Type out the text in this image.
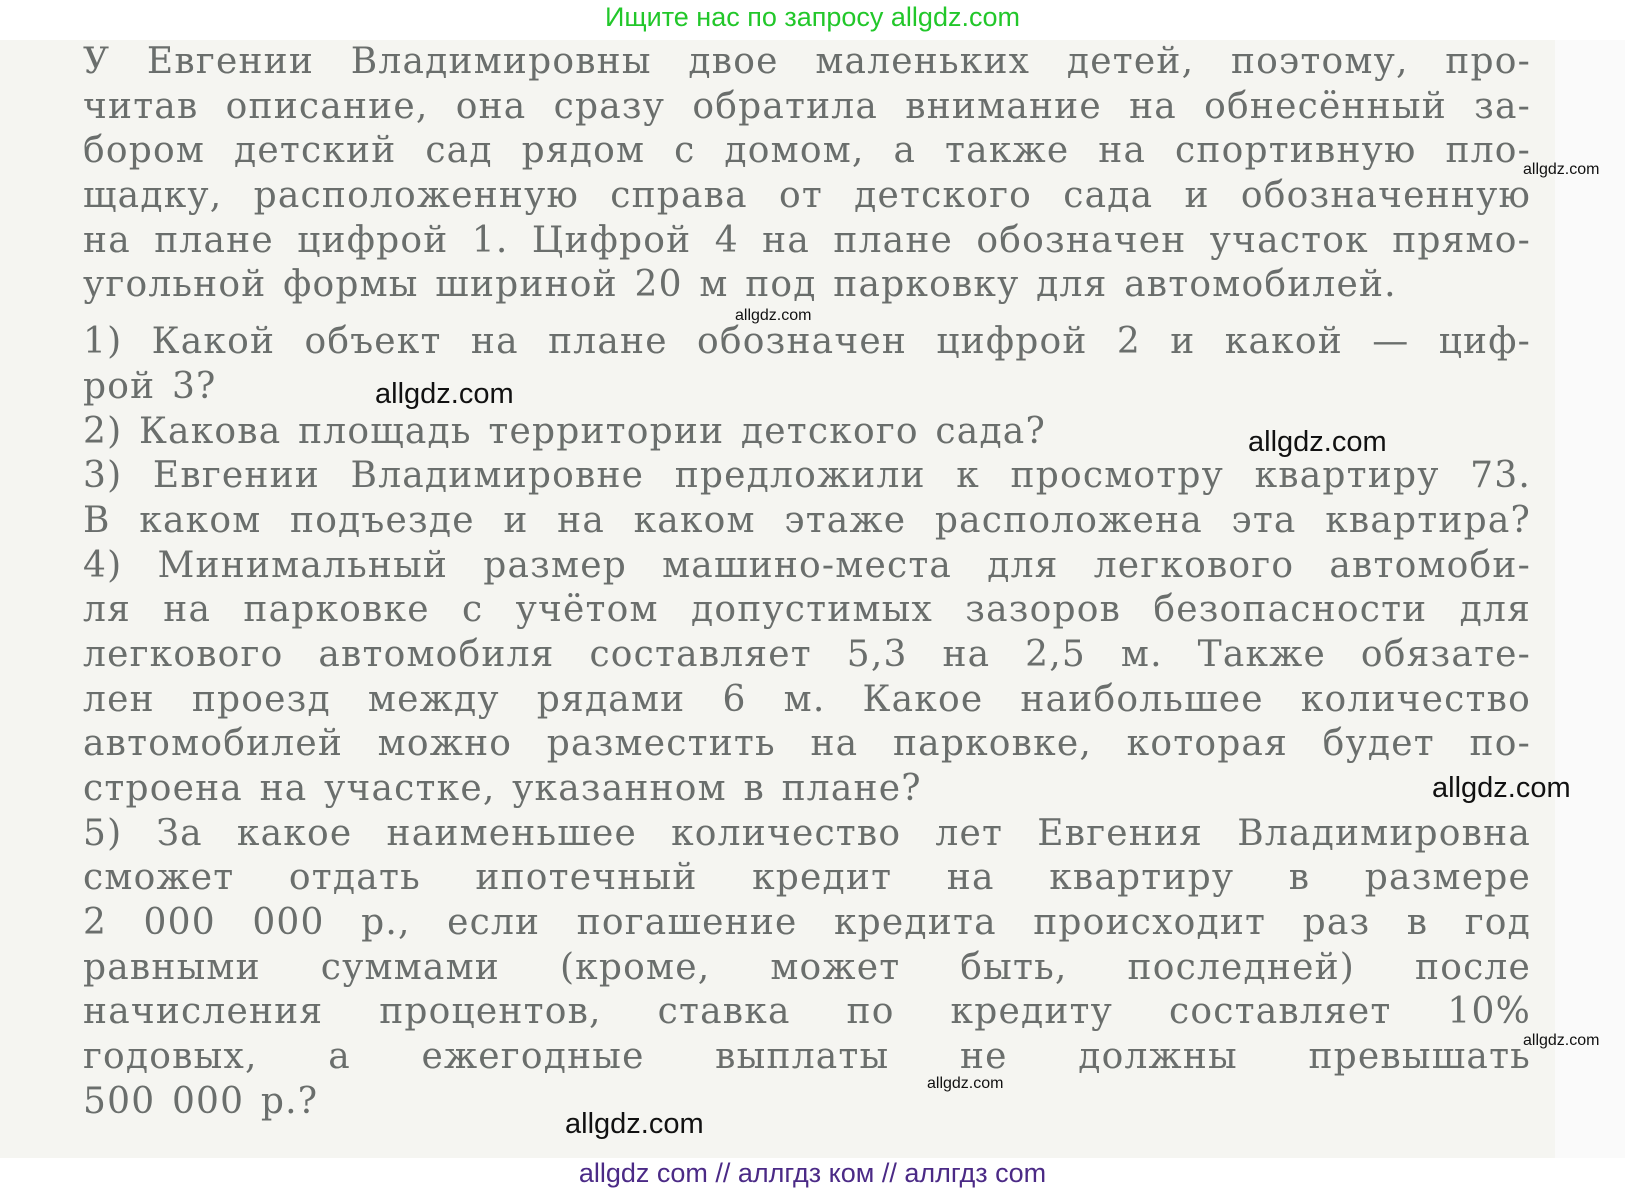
Ищите нас по запросу allgdz.com
У Евгении Владимировны двое маленьких детей, поэтому, про-
читав описание, она сразу обратила внимание на обнесённый за-
бором детский сад рядом с домом, а также на спортивную пло-
щадку, расположенную справа от детского сада и обозначенную
на плане цифрой 1. Цифрой 4 на плане обозначен участок прямо-
угольной формы шириной 20 м под парковку для автомобилей.
1) Какой объект на плане обозначен цифрой 2 и какой — циф-
рой 3?
2) Какова площадь территории детского сада?
3) Евгении Владимировне предложили к просмотру квартиру 73.
В каком подъезде и на каком этаже расположена эта квартира?
4) Минимальный размер машино-места для легкового автомоби-
ля на парковке с учётом допустимых зазоров безопасности для
легкового автомобиля составляет 5,3 на 2,5 м. Также обязате-
лен проезд между рядами 6 м. Какое наибольшее количество
автомобилей можно разместить на парковке, которая будет по-
строена на участке, указанном в плане?
5) За какое наименьшее количество лет Евгения Владимировна
сможет отдать ипотечный кредит на квартиру в размере
2 000 000 р., если погашение кредита происходит раз в год
равными суммами (кроме, может быть, последней) после
начисления процентов, ставка по кредиту составляет 10%
годовых, а ежегодные выплаты не должны превышать
500 000 р.?
allgdz.com
allgdz.com
allgdz.com
allgdz.com
allgdz.com
allgdz.com
allgdz.com
allgdz.com
allgdz com // аллгдз ком // аллгдз com
